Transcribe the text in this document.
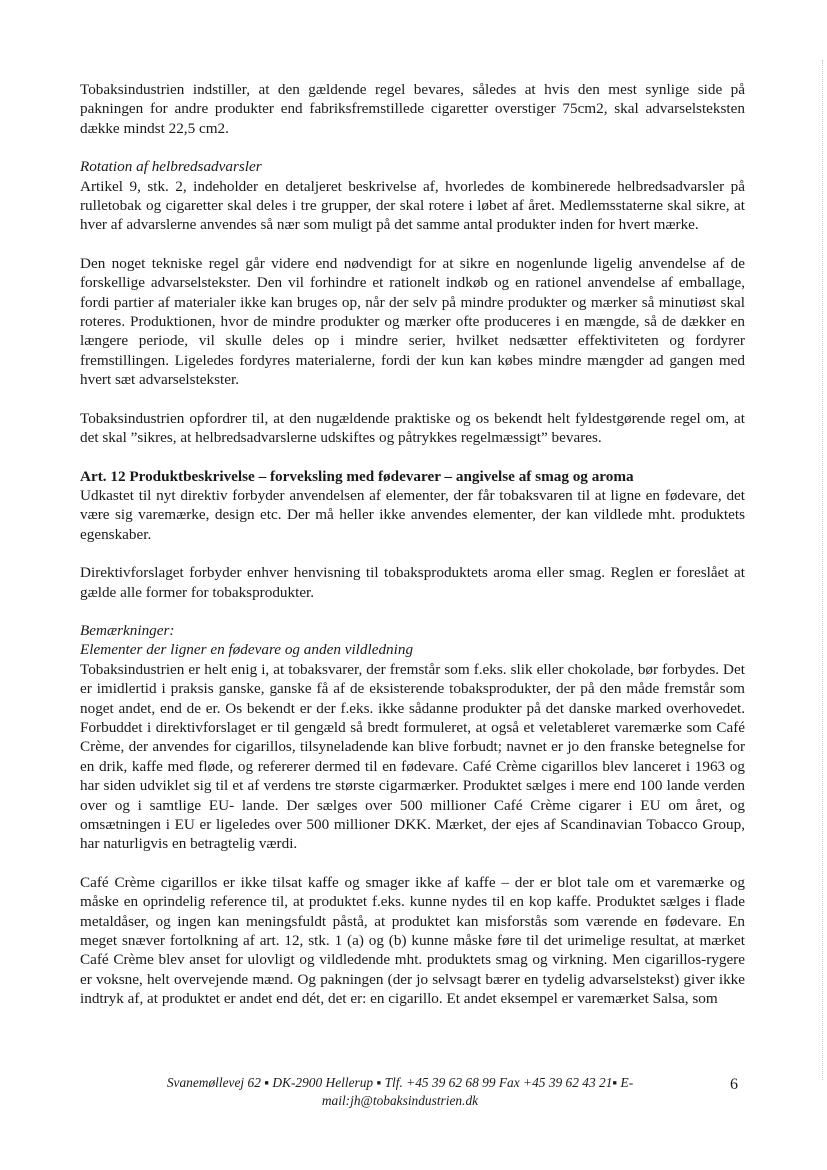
Tobaksindustrien indstiller, at den gældende regel bevares, således at hvis den mest synlige side på pakningen for andre produkter end fabriksfremstillede cigaretter overstiger 75cm2, skal advarselsteksten dække mindst 22,5 cm2.

Rotation af helbredsadvarsler
Artikel 9, stk. 2, indeholder en detaljeret beskrivelse af, hvorledes de kombinerede helbredsadvarsler på rulletobak og cigaretter skal deles i tre grupper, der skal rotere i løbet af året. Medlemsstaterne skal sikre, at hver af advarslerne anvendes så nær som muligt på det samme antal produkter inden for hvert mærke.

Den noget tekniske regel går videre end nødvendigt for at sikre en nogenlunde ligelig anvendelse af de forskellige advarselstekster. Den vil forhindre et rationelt indkøb og en rationel anvendelse af emballage, fordi partier af materialer ikke kan bruges op, når der selv på mindre produkter og mærker så minutiøst skal roteres. Produktionen, hvor de mindre produkter og mærker ofte produceres i en mængde, så de dækker en længere periode, vil skulle deles op i mindre serier, hvilket nedsætter effektiviteten og fordyrer fremstillingen. Ligeledes fordyres materialerne, fordi der kun kan købes mindre mængder ad gangen med hvert sæt advarselstekster.

Tobaksindustrien opfordrer til, at den nugældende praktiske og os bekendt helt fyldestgørende regel om, at det skal ”sikres, at helbredsadvarslerne udskiftes og påtrykkes regelmæssigt” bevares.

Art. 12 Produktbeskrivelse – forveksling med fødevarer – angivelse af smag og aroma
Udkastet til nyt direktiv forbyder anvendelsen af elementer, der får tobaksvaren til at ligne en fødevare, det være sig varemærke, design etc. Der må heller ikke anvendes elementer, der kan vildlede mht. produktets egenskaber.

Direktivforslaget forbyder enhver henvisning til tobaksproduktets aroma eller smag. Reglen er foreslået at gælde alle former for tobaksprodukter.

Bemærkninger:
Elementer der ligner en fødevare og anden vildledning
Tobaksindustrien er helt enig i, at tobaksvarer, der fremstår som f.eks. slik eller chokolade, bør forbydes. Det er imidlertid i praksis ganske, ganske få af de eksisterende tobaksprodukter, der på den måde fremstår som noget andet, end de er. Os bekendt er der f.eks. ikke sådanne produkter på det danske marked overhovedet. Forbuddet i direktivforslaget er til gengæld så bredt formuleret, at også et veletableret varemærke som Café Crème, der anvendes for cigarillos, tilsyneladende kan blive forbudt; navnet er jo den franske betegnelse for en drik, kaffe med fløde, og refererer dermed til en fødevare. Café Crème cigarillos blev lanceret i 1963 og har siden udviklet sig til et af verdens tre største cigarmærker. Produktet sælges i mere end 100 lande verden over og i samtlige EU- lande. Der sælges over 500 millioner Café Crème cigarer i EU om året, og omsætningen i EU er ligeledes over 500 millioner DKK. Mærket, der ejes af Scandinavian Tobacco Group, har naturligvis en betragtelig værdi.

Café Crème cigarillos er ikke tilsat kaffe og smager ikke af kaffe – der er blot tale om et varemærke og måske en oprindelig reference til, at produktet f.eks. kunne nydes til en kop kaffe. Produktet sælges i flade metaldåser, og ingen kan meningsfuldt påstå, at produktet kan misforstås som værende en fødevare. En meget snæver fortolkning af art. 12, stk. 1 (a) og (b) kunne måske føre til det urimelige resultat, at mærket Café Crème blev anset for ulovligt og vildledende mht. produktets smag og virkning. Men cigarillos-rygere er voksne, helt overvejende mænd. Og pakningen (der jo selvsagt bærer en tydelig advarselstekst) giver ikke indtryk af, at produktet er andet end dét, det er: en cigarillo. Et andet eksempel er varemærket Salsa, som

Svanemøllevej 62 ▪ DK-2900 Hellerup ▪ Tlf. +45 39 62 68 99 Fax +45 39 62 43 21▪ E-
mail:jh@tobaksindustrien.dk
6
